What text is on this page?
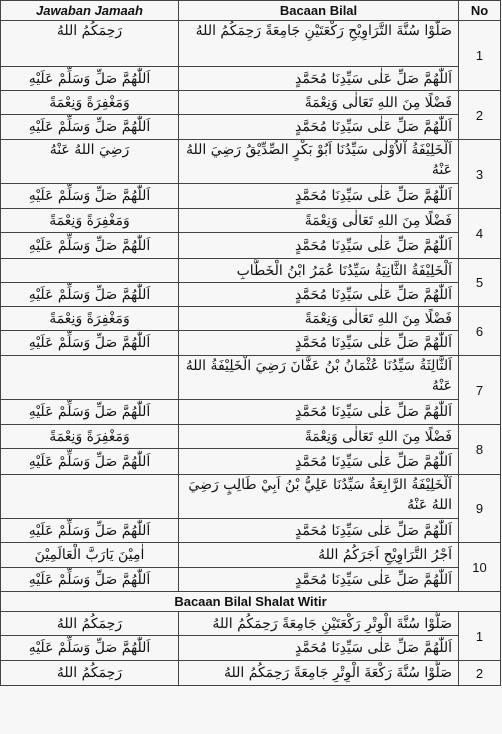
Jawaban Jamaah	Bacaan Bilal	No
رَحِمَكُمُ اللهُ	صَلُّوْا سُنَّةَ التَّرَاوِيْحِ رَكْعَتَيْنِ جَامِعَةً رَحِمَكُمُ اللهُ	1
اَللّٰهُمَّ صَلِّ وَسَلِّمْ عَلَيْهِ	اَللّٰهُمَّ صَلِّ عَلٰى سَيِّدِنَا مُحَمَّدٍ	
وَمَغْفِرَةً وَنِعْمَةً	فَضْلًا مِنَ اللهِ تَعَالٰى وَنِعْمَةً	2
اَللّٰهُمَّ صَلِّ وَسَلِّمْ عَلَيْهِ	اَللّٰهُمَّ صَلِّ عَلٰى سَيِّدِنَا مُحَمَّدٍ	
رَضِيَ اللهُ عَنْهُ	اَلْخَلِيْفَةُ اْلاُوْلٰى سَيِّدُنَا اَبُوْ بَكْرٍ الصِّدِّيْقُ رَضِيَ اللهُ عَنْهُ	3
اَللّٰهُمَّ صَلِّ وَسَلِّمْ عَلَيْهِ	اَللّٰهُمَّ صَلِّ عَلٰى سَيِّدِنَا مُحَمَّدٍ	
وَمَغْفِرَةً وَنِعْمَةً	فَضْلًا مِنَ اللهِ تَعَالٰى وَنِعْمَةً	4
اَللّٰهُمَّ صَلِّ وَسَلِّمْ عَلَيْهِ	اَللّٰهُمَّ صَلِّ عَلٰى سَيِّدِنَا مُحَمَّدٍ	
	اَلْخَلِيْفَةُ الثَّانِيَةُ سَيِّدُنَا عُمَرُ ابْنُ الْخَطَّابِ	5
اَللّٰهُمَّ صَلِّ وَسَلِّمْ عَلَيْهِ	اَللّٰهُمَّ صَلِّ عَلٰى سَيِّدِنَا مُحَمَّدٍ	
وَمَغْفِرَةً وَنِعْمَةً	فَضْلًا مِنَ اللهِ تَعَالٰى وَنِعْمَةً	6
اَللّٰهُمَّ صَلِّ وَسَلِّمْ عَلَيْهِ	اَللّٰهُمَّ صَلِّ عَلٰى سَيِّدِنَا مُحَمَّدٍ	
	اَلثَّالِثَةُ سَيِّدُنَا عُثْمَانُ بْنُ عَفَّانَ رَضِيَ الْخَلِيْفَةُ اللهُ عَنْهُ	7
اَللّٰهُمَّ صَلِّ وَسَلِّمْ عَلَيْهِ	اَللّٰهُمَّ صَلِّ عَلٰى سَيِّدِنَا مُحَمَّدٍ	
وَمَغْفِرَةً وَنِعْمَةً	فَضْلًا مِنَ اللهِ تَعَالٰى وَنِعْمَةً	8
اَللّٰهُمَّ صَلِّ وَسَلِّمْ عَلَيْهِ	اَللّٰهُمَّ صَلِّ عَلٰى سَيِّدِنَا مُحَمَّدٍ	
	اَلْخَلِيْفَةُ الرَّابِعَةُ سَيِّدُنَا عَلِيُّ بْنُ اَبِيْ طَالِبٍ رَضِيَ اللهُ عَنْهُ	9
اَللّٰهُمَّ صَلِّ وَسَلِّمْ عَلَيْهِ	اَللّٰهُمَّ صَلِّ عَلٰى سَيِّدِنَا مُحَمَّدٍ	
اٰمِيْنَ يَارَبَّ الْعَالَمِيْنَ	اَجْرُ التَّرَاوِيْحِ اَجَرَكُمُ اللهُ	10
اَللّٰهُمَّ صَلِّ وَسَلِّمْ عَلَيْهِ	اَللّٰهُمَّ صَلِّ عَلٰى سَيِّدِنَا مُحَمَّدٍ	
Bacaan Bilal Shalat Witir		
رَحِمَكُمُ اللهُ	صَلُّوْا سُنَّةَ الْوِتْرِ رَكْعَتَيْنِ جَامِعَةً رَحِمَكُمُ اللهُ	1
اَللّٰهُمَّ صَلِّ وَسَلِّمْ عَلَيْهِ	اَللّٰهُمَّ صَلِّ عَلٰى سَيِّدِنَا مُحَمَّدٍ	
رَحِمَكُمُ اللهُ	صَلُّوْا سُنَّةَ رَكْعَةَ الْوِتْرِ جَامِعَةً رَحِمَكُمُ اللهُ	2
